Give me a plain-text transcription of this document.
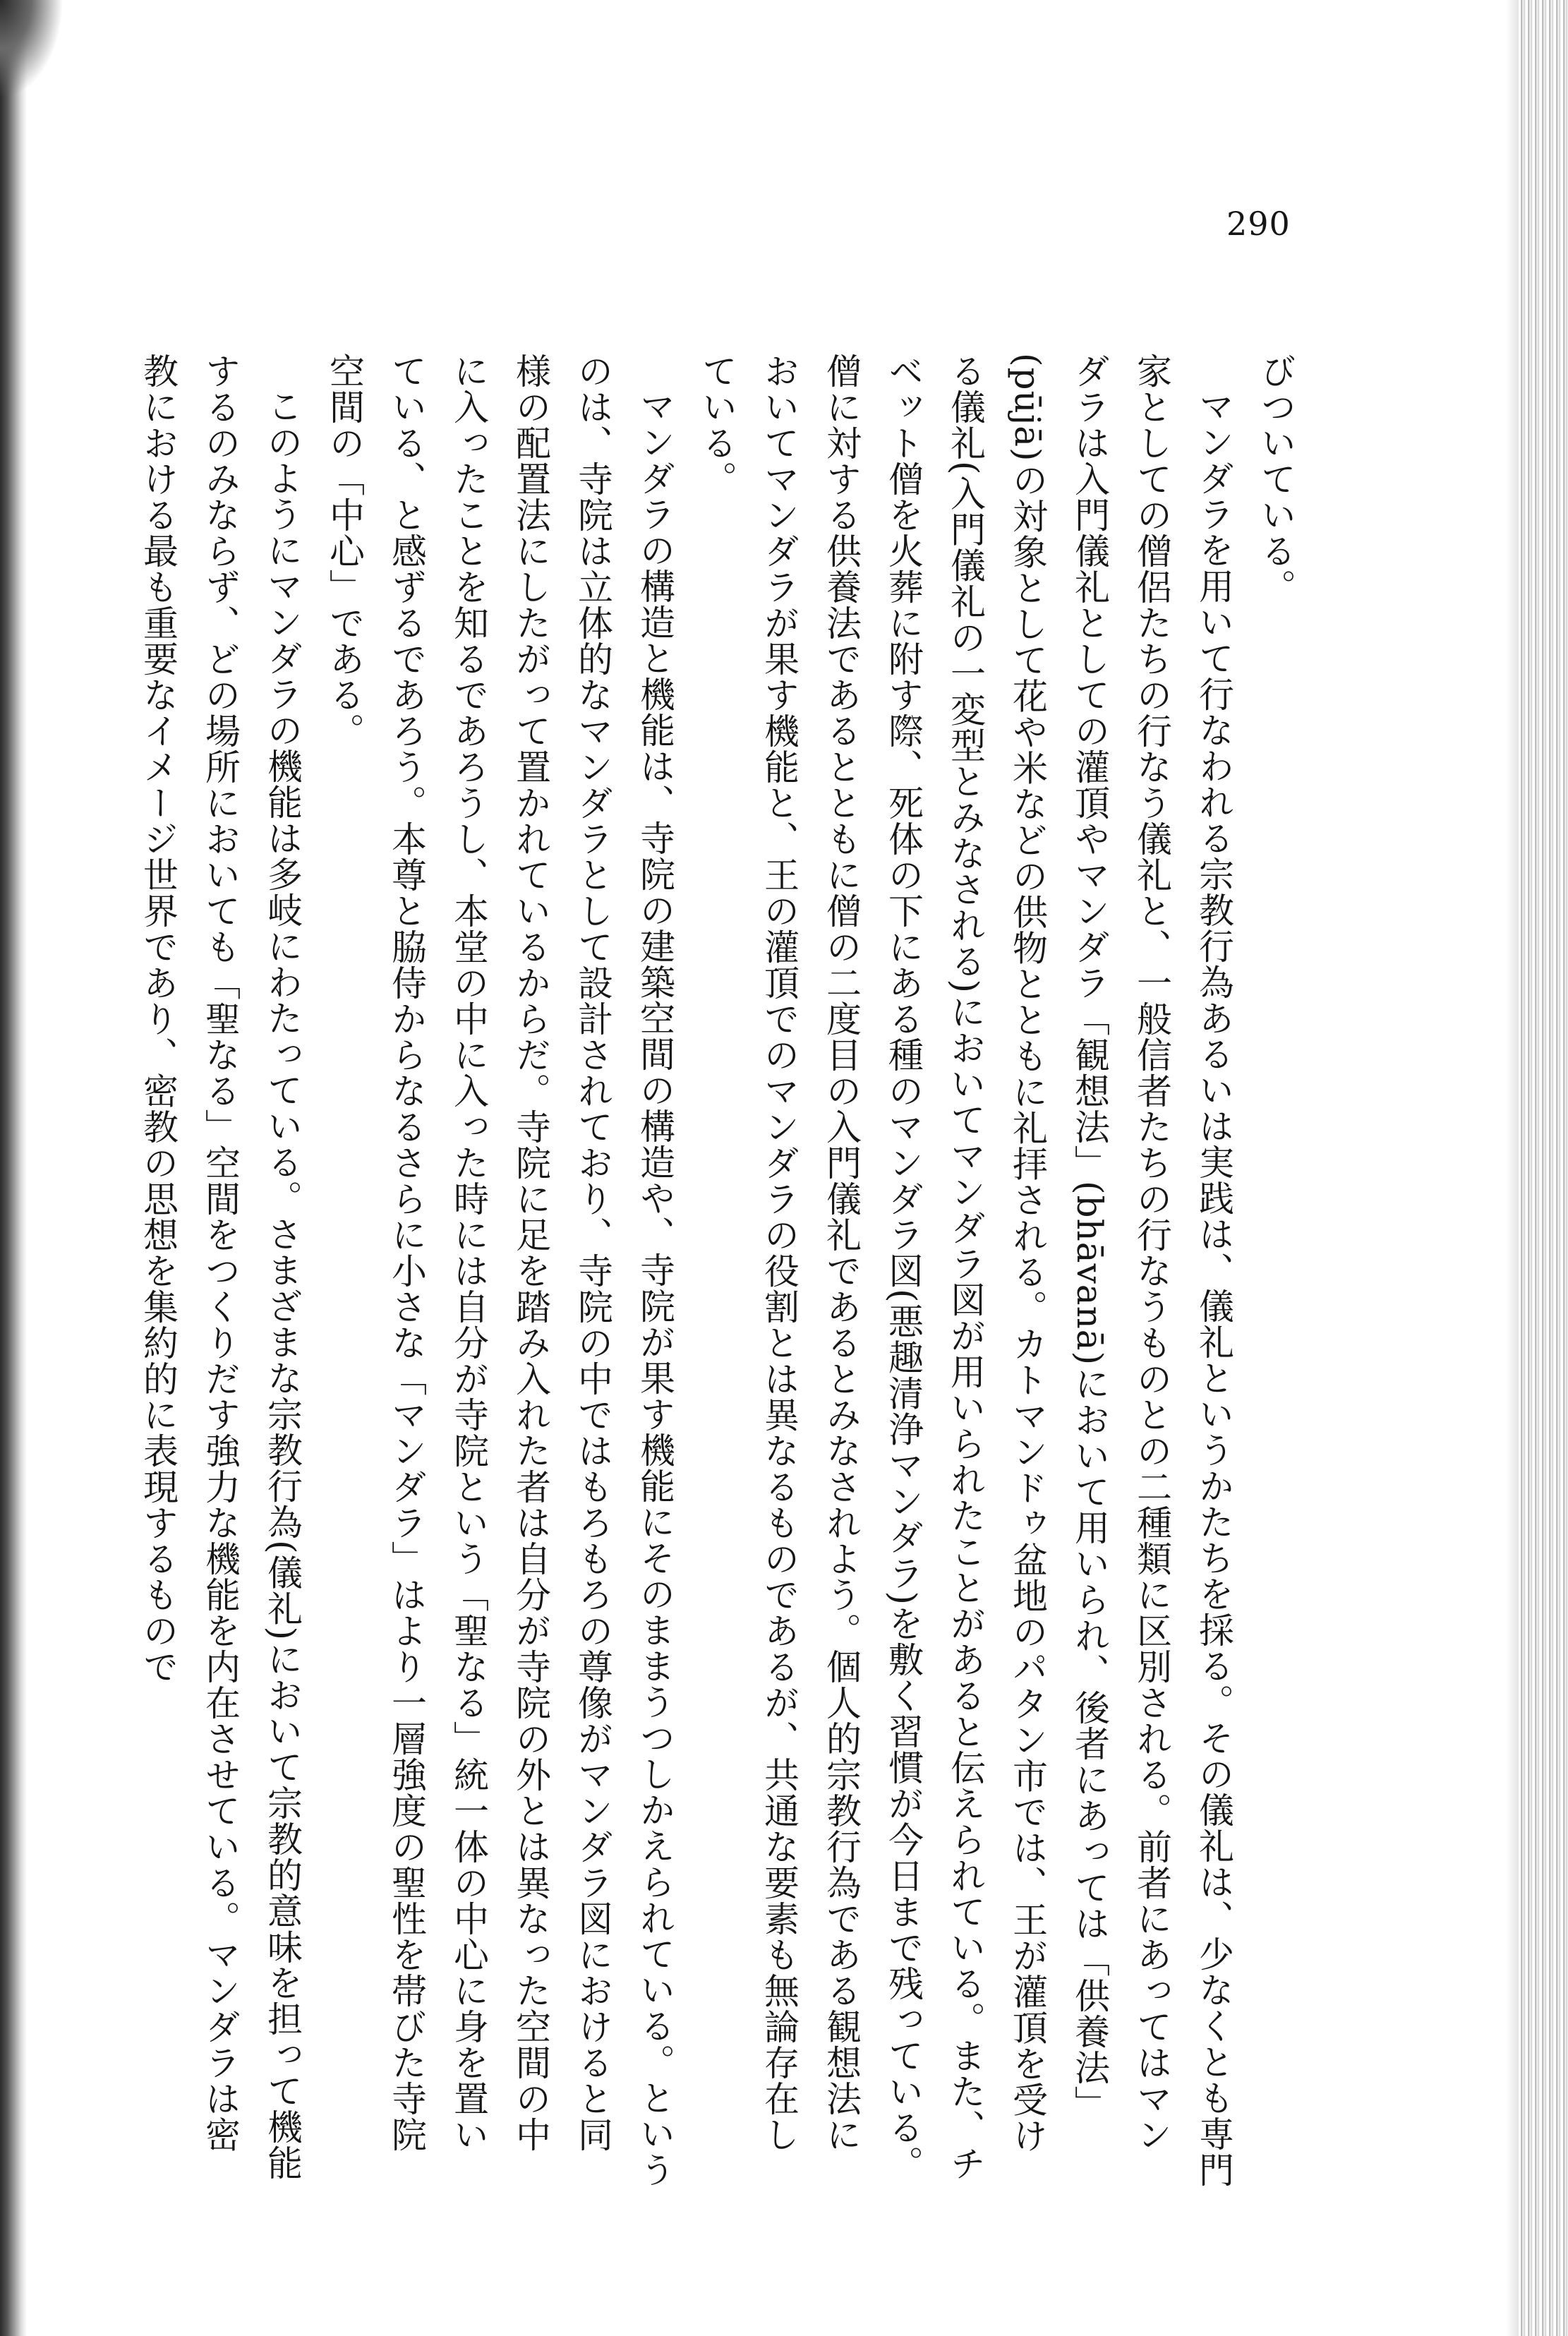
290

びついている。

マンダラを用いて行なわれる宗教行為あるいは実践は、儀礼というかたちを採る。その儀礼は、少なくとも専門家としての僧侶たちの行なう儀礼と、一般信者たちの行なうものとの二種類に区別される。前者にあってはマンダラは入門儀礼としての灌頂やマンダラ「観想法」(bhāvanā)において用いられ、後者にあっては「供養法」(pūjā)の対象として花や米などの供物とともに礼拝される。カトマンドゥ盆地のパタン市では、王が灌頂を受ける儀礼(入門儀礼の一変型とみなされる)においてマンダラ図が用いられたことがあると伝えられている。また、チベット僧を火葬に附す際、死体の下にある種のマンダラ図(悪趣清浄マンダラ)を敷く習慣が今日まで残っている。僧に対する供養法であるとともに僧の二度目の入門儀礼であるとみなされよう。個人的宗教行為である観想法においてマンダラが果す機能と、王の灌頂でのマンダラの役割とは異なるものであるが、共通な要素も無論存在している。

マンダラの構造と機能は、寺院の建築空間の構造や、寺院が果す機能にそのままうつしかえられている。というのは、寺院は立体的なマンダラとして設計されており、寺院の中ではもろもろの尊像がマンダラ図におけると同様の配置法にしたがって置かれているからだ。寺院に足を踏み入れた者は自分が寺院の外とは異なった空間の中に入ったことを知るであろうし、本堂の中に入った時には自分が寺院という「聖なる」統一体の中心に身を置いている、と感ずるであろう。本尊と脇侍からなるさらに小さな「マンダラ」はより一層強度の聖性を帯びた寺院空間の「中心」である。

このようにマンダラの機能は多岐にわたっている。さまざまな宗教行為(儀礼)において宗教的意味を担って機能するのみならず、どの場所においても「聖なる」空間をつくりだす強力な機能を内在させている。マンダラは密教における最も重要なイメージ世界であり、密教の思想を集約的に表現するもので
